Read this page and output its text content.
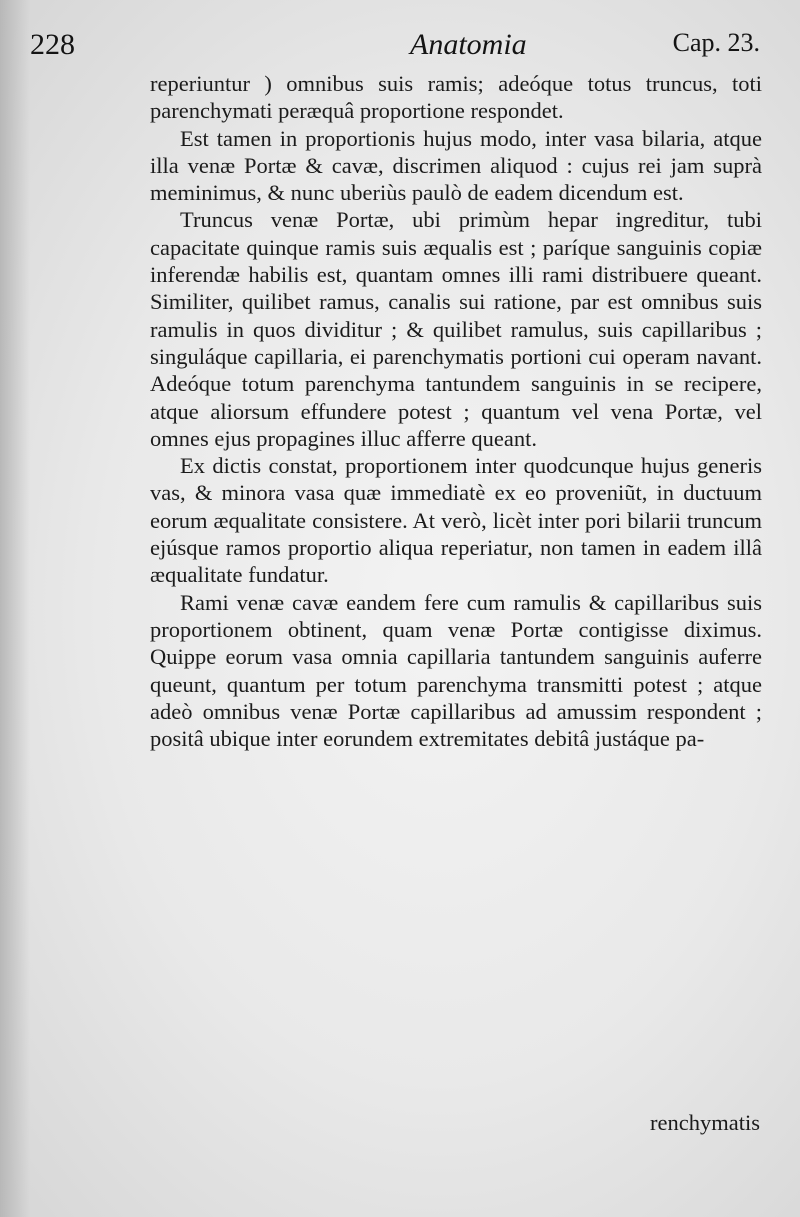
228	Anatomia	Cap. 23.

reperiuntur ) omnibus suis ramis; adeóque totus truncus, toti parenchymati peræquâ proportione respondet.

Est tamen in proportionis hujus modo, inter vasa bilaria, atque illa venæ Portæ & cavæ, discrimen aliquod : cujus rei jam suprà meminimus, & nunc uberiùs paulò de eadem dicendum est.

Truncus venæ Portæ, ubi primùm hepar ingreditur, tubi capacitate quinque ramis suis æqualis est ; paríque sanguinis copiæ inferendæ habilis est, quantam omnes illi rami distribuere queant. Similiter, quilibet ramus, canalis sui ratione, par est omnibus suis ramulis in quos dividitur ; & quilibet ramulus, suis capillaribus ; singuláque capillaria, ei parenchymatis portioni cui operam navant. Adeóque totum parenchyma tantundem sanguinis in se recipere, atque aliorsum effundere potest ; quantum vel vena Portæ, vel omnes ejus propagines illuc afferre queant.

Ex dictis constat, proportionem inter quodcunque hujus generis vas, & minora vasa quæ immediatè ex eo proveniũt, in ductuum eorum æqualitate consistere. At verò, licèt inter pori bilarii truncum ejúsque ramos proportio aliqua reperiatur, non tamen in eadem illâ æqualitate fundatur.

Rami venæ cavæ eandem fere cum ramulis & capillaribus suis proportionem obtinent, quam venæ Portæ contigisse diximus. Quippe eorum vasa omnia capillaria tantundem sanguinis auferre queunt, quantum per totum parenchyma transmitti potest ; atque adeò omnibus venæ Portæ capillaribus ad amussim respondent ; positâ ubique inter eorundem extremitates debitâ justáque pa-

renchymatis
